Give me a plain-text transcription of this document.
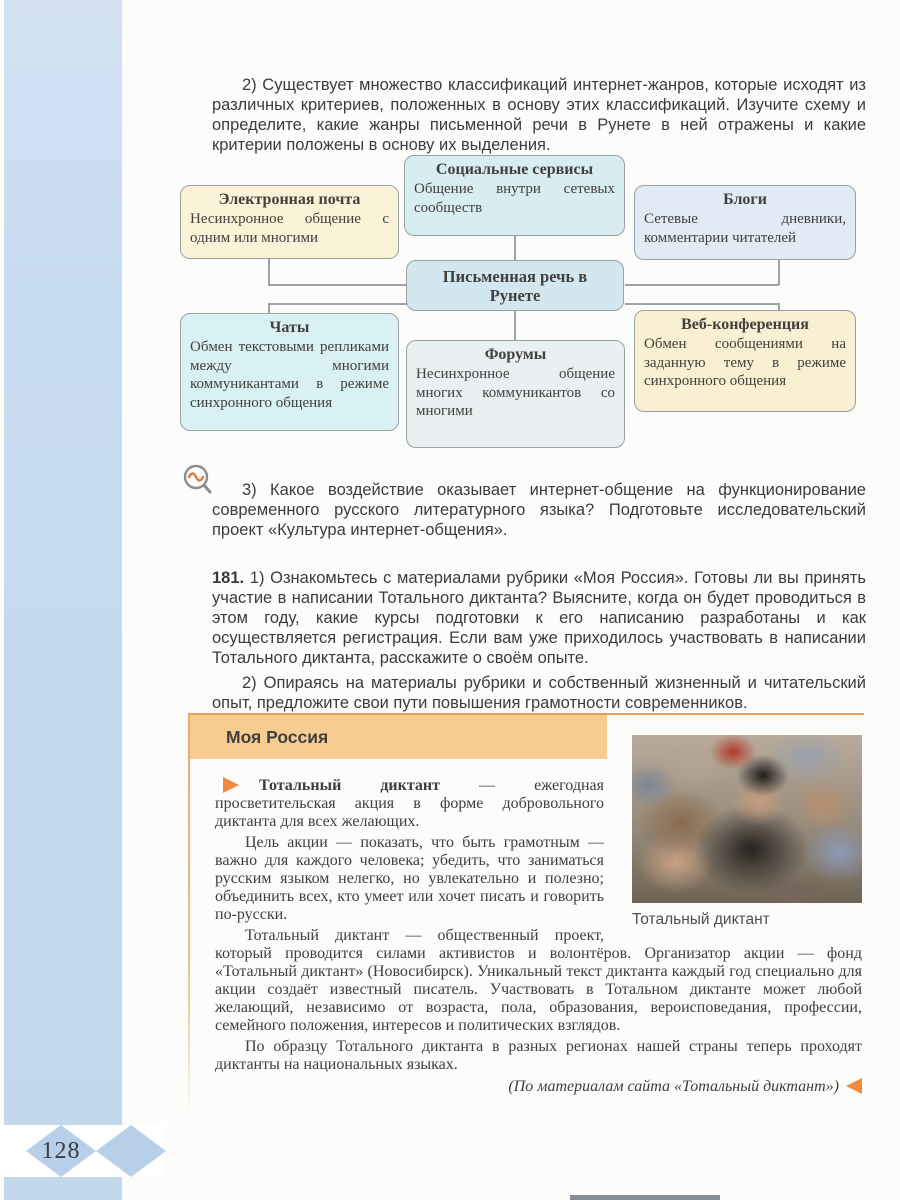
128

2) Существует множество классификаций интернет-жанров, которые исходят из различных критериев, положенных в основу этих классификаций. Изучите схему и определите, какие жанры письменной речи в Рунете в ней отражены и какие критерии положены в основу их выделения.

Электронная почта
Несинхронное общение с одним или многими
Социальные сервисы
Общение внутри сетевых сообществ	Блоги
Сетевые дневники, комментарии читателей
Письменная речь в Рунете
Чаты
Обмен текстовыми репликами между многими коммуникантами в режиме синхронного общения
Форумы
Несинхронное общение многих коммуникантов со многими
Веб-конференция
Обмен сообщениями на заданную тему в режиме синхронного общения

3) Какое воздействие оказывает интернет-общение на функционирование современного русского литературного языка? Подготовьте исследовательский проект «Культура интернет-общения».

181. 1) Ознакомьтесь с материалами рубрики «Моя Россия». Готовы ли вы принять участие в написании Тотального диктанта? Выясните, когда он будет проводиться в этом году, какие курсы подготовки к его написанию разработаны и как осуществляется регистрация. Если вам уже приходилось участвовать в написании Тотального диктанта, расскажите о своём опыте.

2) Опираясь на материалы рубрики и собственный жизненный и читательский опыт, предложите свои пути повышения грамотности современников.

Моя Россия
Тотальный диктант

Тотальный диктант — ежегодная просветительская акция в форме добровольного диктанта для всех желающих.

Цель акции — показать, что быть грамотным — важно для каждого человека; убедить, что заниматься русским языком нелегко, но увлекательно и полезно; объединить всех, кто умеет или хочет писать и говорить по-русски.

Тотальный диктант — общественный проект, который проводится силами активистов и волонтёров. Организатор акции — фонд «Тотальный диктант» (Новосибирск). Уникальный текст диктанта каждый год специально для акции создаёт известный писатель. Участвовать в Тотальном диктанте может любой желающий, независимо от возраста, пола, образования, вероисповедания, профессии, семейного положения, интересов и политических взглядов.

По образцу Тотального диктанта в разных регионах нашей страны теперь проходят диктанты на национальных языках.

(По материалам сайта «Тотальный диктант»)
